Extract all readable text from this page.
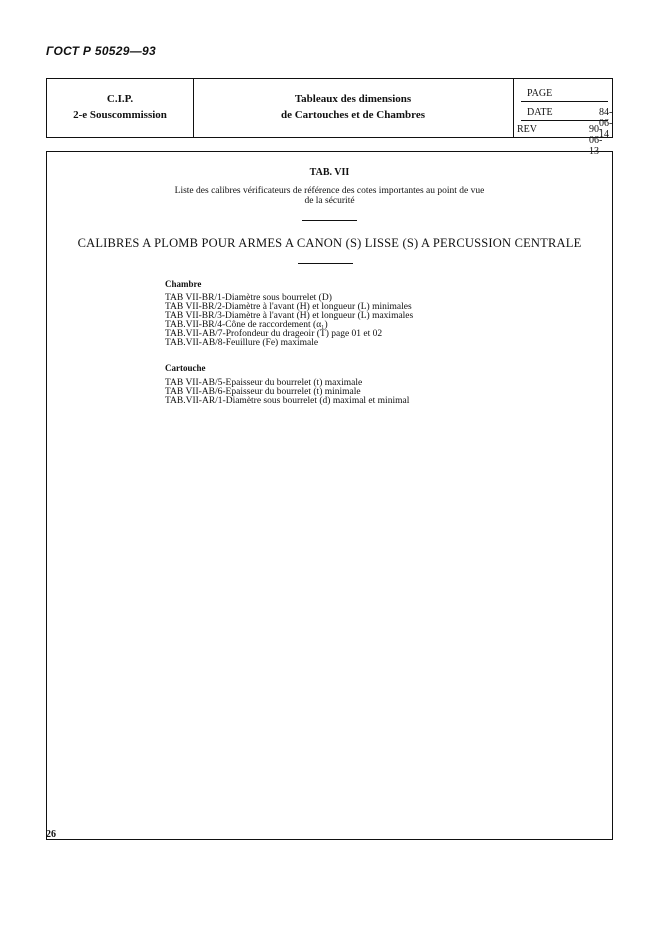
ГОСТ Р 50529—93
C.I.P.
2-e Souscommission
Tableaux des dimensions
de Cartouches et de Chambres
PAGE
DATE	84-06-14
REV	90-06-13
TAB. VII
Liste des calibres vérificateurs de référence des cotes importantes au point de vue
de la sécurité
CALIBRES A PLOMB POUR ARMES A CANON (S) LISSE (S) A PERCUSSION CENTRALE
Chambre
TAB VII-BR/1-Diamètre sous bourrelet (D)
TAB VII-BR/2-Diamètre à l'avant (H) et longueur (L) minimales
TAB VII-BR/3-Diamètre à l'avant (H) et longueur (L) maximales
TAB.VII-BR/4-Cône de raccordement (α₁)
TAB.VII-AB/7-Profondeur du drageoir (T) page 01 et 02
TAB.VII-AB/8-Feuillure (Fe) maximale
Cartouche
TAB VII-AB/5-Epaisseur du bourrelet (t) maximale
TAB VII-AB/6-Epaisseur du bourrelet (t) minimale
TAB.VII-AR/1-Diamètre sous bourrelet (d) maximal et minimal
26
